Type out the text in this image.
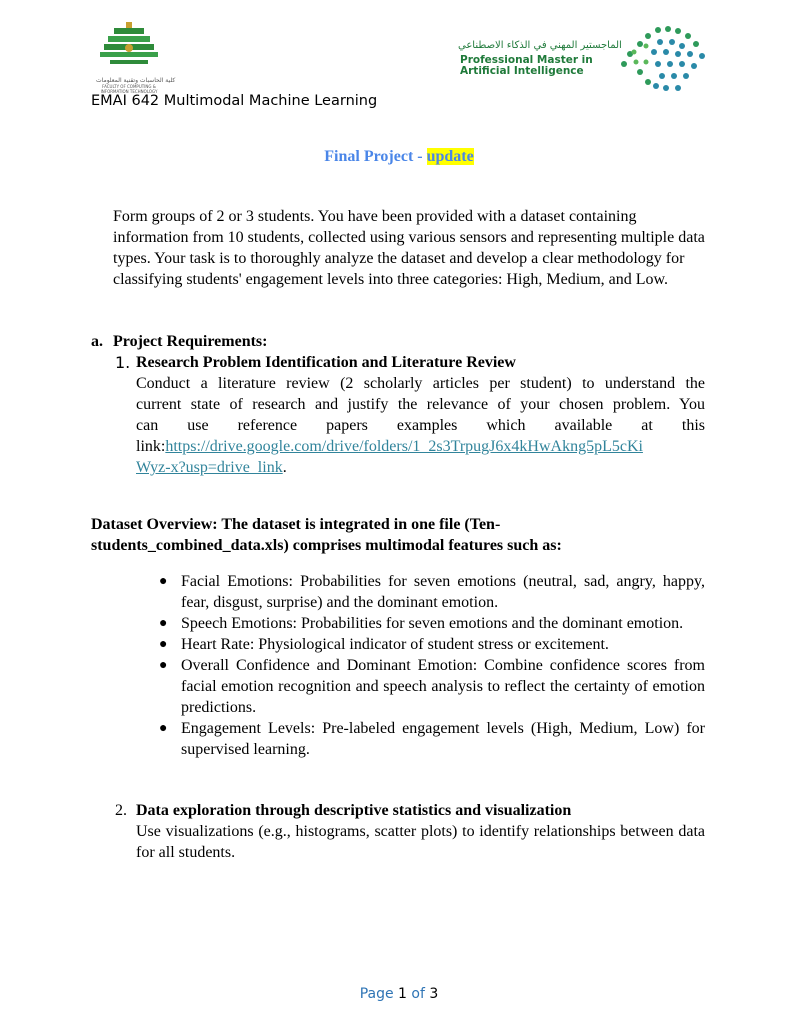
كلية الحاسبات وتقنية المعلومات
FACULTY OF COMPUTING & INFORMATION TECHNOLOGY
EMAI 642 Multimodal Machine Learning
الماجستير المهني في الذكاء الاصطناعي
Professional Master in
Artificial Intelligence
Final Project - update
Form groups of 2 or 3 students. You have been provided with a dataset containing information from 10 students, collected using various sensors and representing multiple data types. Your task is to thoroughly analyze the dataset and develop a clear methodology for classifying students' engagement levels into three categories: High, Medium, and Low.
a. Project Requirements:
1. Research Problem Identification and Literature Review
Conduct a literature review (2 scholarly articles per student) to understand the
current state of research and justify the relevance of your chosen problem. You
can use reference papers examples which available at this
link:https://drive.google.com/drive/folders/1_2s3TrpugJ6x4kHwAkng5pL5cKi
Wyz-x?usp=drive_link.
Dataset Overview: The dataset is integrated in one file (Ten-
students_combined_data.xls) comprises multimodal features such as:
● Facial Emotions: Probabilities for seven emotions (neutral, sad, angry, happy, fear, disgust, surprise) and the dominant emotion.
● Speech Emotions: Probabilities for seven emotions and the dominant emotion.
● Heart Rate: Physiological indicator of student stress or excitement.
● Overall Confidence and Dominant Emotion: Combine confidence scores from facial emotion recognition and speech analysis to reflect the certainty of emotion predictions.
● Engagement Levels: Pre-labeled engagement levels (High, Medium, Low) for supervised learning.
2. Data exploration through descriptive statistics and visualization
Use visualizations (e.g., histograms, scatter plots) to identify relationships between data for all students.
Page 1 of 3
